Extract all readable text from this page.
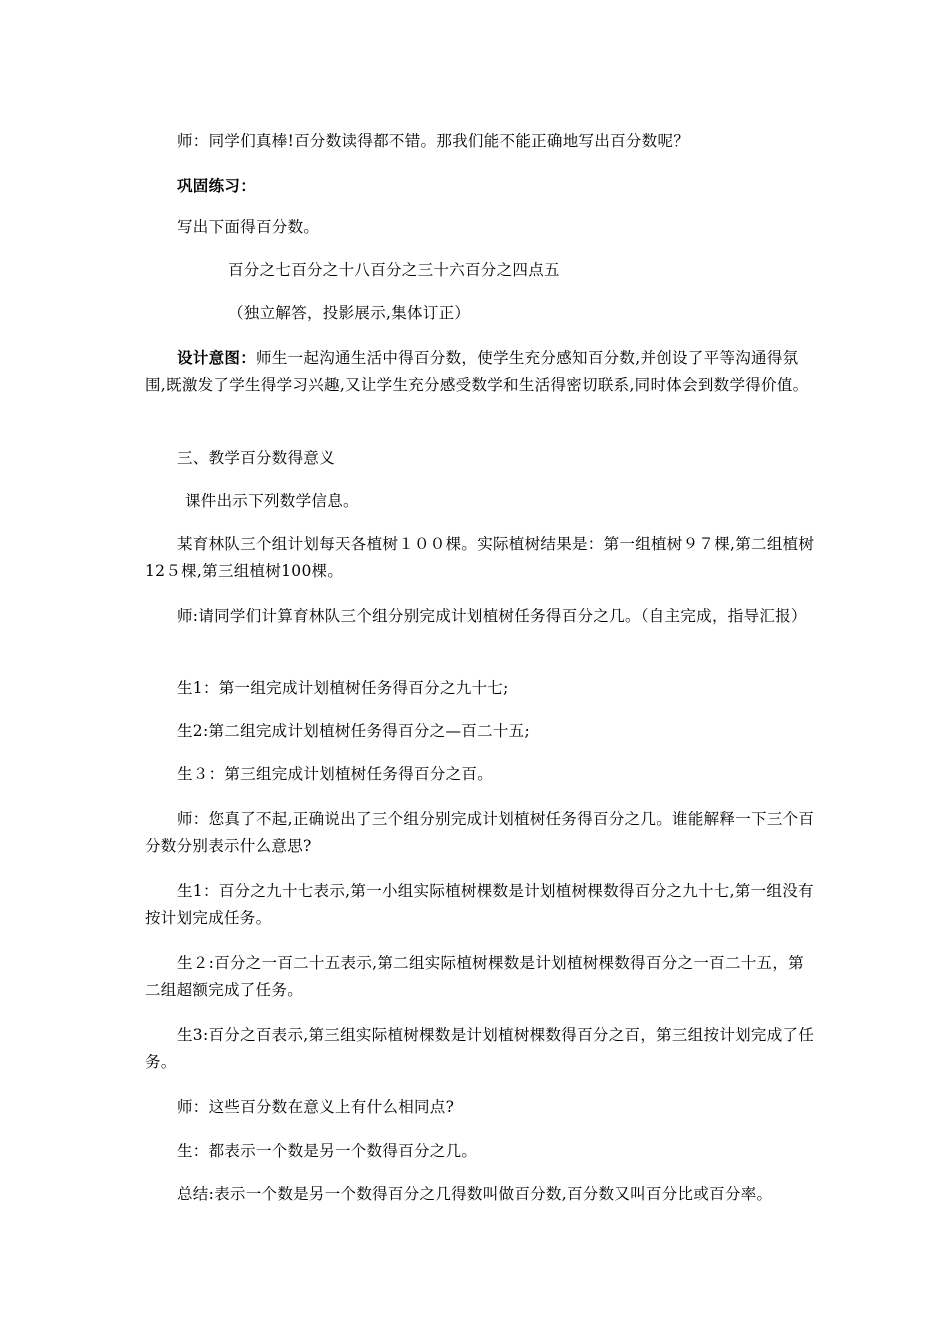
师：同学们真棒!百分数读得都不错。那我们能不能正确地写出百分数呢？

巩固练习：

写出下面得百分数。

百分之七百分之十八百分之三十六百分之四点五

（独立解答，投影展示,集体订正）

设计意图：师生一起沟通生活中得百分数，使学生充分感知百分数,并创设了平等沟通得氛围,既激发了学生得学习兴趣,又让学生充分感受数学和生活得密切联系,同时体会到数学得价值。

三、教学百分数得意义

课件出示下列数学信息。

某育林队三个组计划每天各植树１００棵。实际植树结果是：第一组植树９７棵,第二组植树12５棵,第三组植树100棵。

师:请同学们计算育林队三个组分别完成计划植树任务得百分之几。（自主完成，指导汇报）

生1：第一组完成计划植树任务得百分之九十七;

生2:第二组完成计划植树任务得百分之—百二十五;

生３：第三组完成计划植树任务得百分之百。

师：您真了不起,正确说出了三个组分别完成计划植树任务得百分之几。谁能解释一下三个百分数分别表示什么意思?

生1：百分之九十七表示,第一小组实际植树棵数是计划植树棵数得百分之九十七,第一组没有按计划完成任务。

生２:百分之一百二十五表示,第二组实际植树棵数是计划植树棵数得百分之一百二十五，第二组超额完成了任务。

生3:百分之百表示,第三组实际植树棵数是计划植树棵数得百分之百，第三组按计划完成了任务。

师：这些百分数在意义上有什么相同点?

生：都表示一个数是另一个数得百分之几。

总结:表示一个数是另一个数得百分之几得数叫做百分数,百分数又叫百分比或百分率。
